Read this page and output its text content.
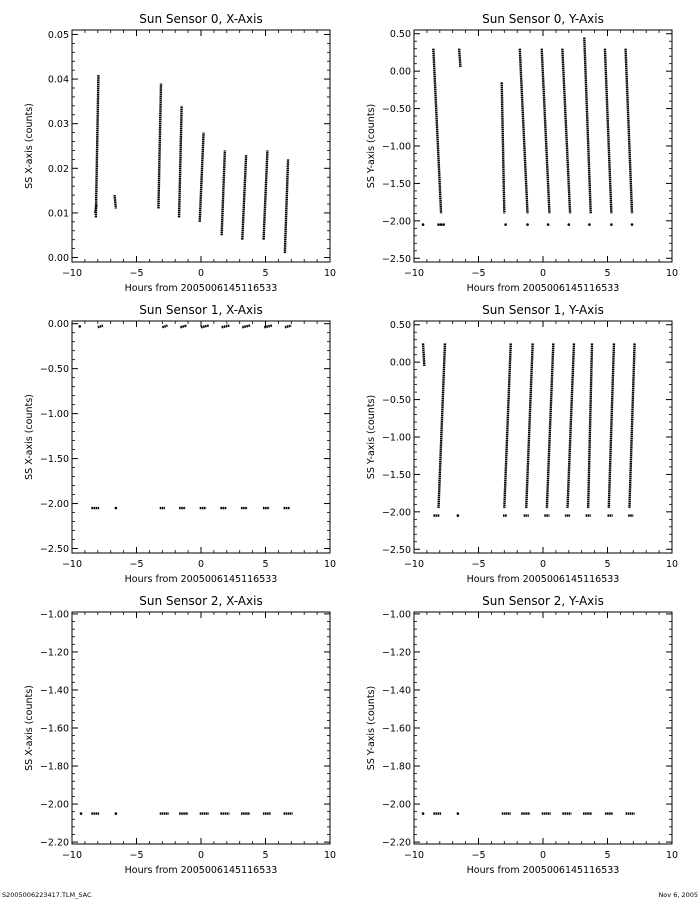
S2005006223417.TLM_SAC	Nov 6, 2005
Sun Sensor 0, X-Axis
Hours from 2005006145116533
SS X-axis (counts)
−10	−5	0	5	10
0.00
0.01
0.02
0.03
0.04
0.05
Sun Sensor 0, Y-Axis
Hours from 2005006145116533
SS Y-axis (counts)
−10	−5	0	5	10
−2.50
−2.00
−1.50
−1.00
−0.50
0.00
0.50
Sun Sensor 1, X-Axis
Hours from 2005006145116533
SS X-axis (counts)
−10	−5	0	5	10
−2.50
−2.00
−1.50
−1.00
−0.50
0.00
Sun Sensor 1, Y-Axis
Hours from 2005006145116533
SS Y-axis (counts)
−10	−5	0	5	10
−2.50
−2.00
−1.50
−1.00
−0.50
0.00
0.50
Sun Sensor 2, X-Axis
Hours from 2005006145116533
SS X-axis (counts)
−10	−5	0	5	10
−2.20
−2.00
−1.80
−1.60
−1.40
−1.20
−1.00
Sun Sensor 2, Y-Axis
Hours from 2005006145116533
SS Y-axis (counts)
−10	−5	0	5	10
−2.20
−2.00
−1.80
−1.60
−1.40
−1.20
−1.00
